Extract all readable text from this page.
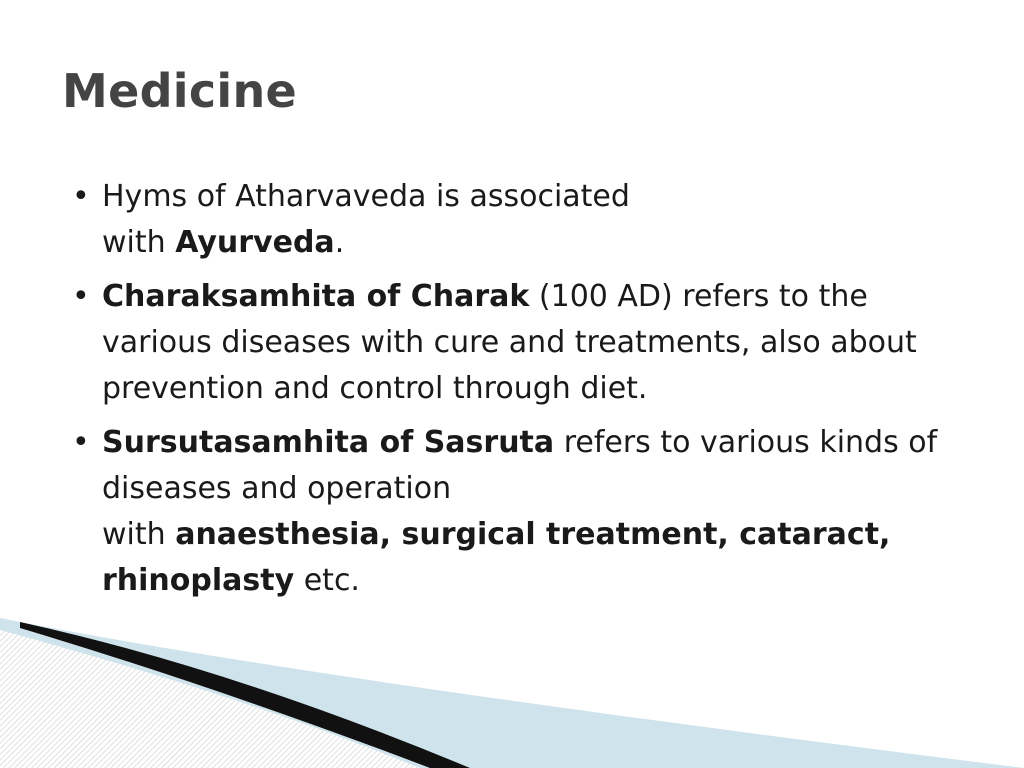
Medicine
• Hyms of Atharvaveda is associated
with Ayurveda.
• Charaksamhita of Charak (100 AD) refers to the various diseases with cure and treatments, also about prevention and control through diet.
• Sursutasamhita of Sasruta refers to various kinds of diseases and operation
with anaesthesia, surgical treatment, cataract, rhinoplasty etc.
